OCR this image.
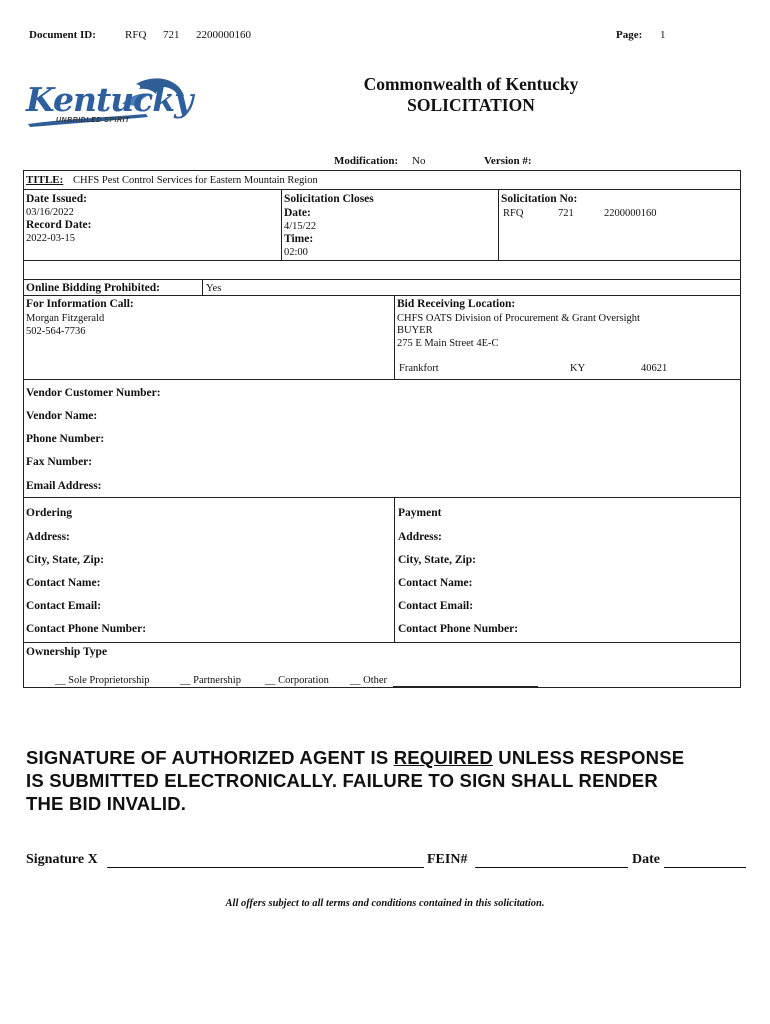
Document ID:	RFQ 721 2200000160	Page: 1
Kentucky
UNBRIDLED SPIRIT
Commonwealth of Kentucky
SOLICITATION
Modification: No	Version #:
TITLE: CHFS Pest Control Services for Eastern Mountain Region
Date Issued:
03/16/2022
Record Date:
2022-03-15
Solicitation Closes
Date:
4/15/22
Time:
02:00
Solicitation No:
RFQ	721	2200000160
Online Bidding Prohibited:	Yes
For Information Call:
Morgan Fitzgerald
502-564-7736
Bid Receiving Location:
CHFS OATS Division of Procurement & Grant Oversight
BUYER
275 E Main Street 4E-C
Frankfort	KY	40621
Vendor Customer Number:
Vendor Name:
Phone Number:
Fax Number:
Email Address:
Ordering
Address:
City, State, Zip:
Contact Name:
Contact Email:
Contact Phone Number:
Payment
Address:
City, State, Zip:
Contact Name:
Contact Email:
Contact Phone Number:
Ownership Type
__ Sole Proprietorship	__ Partnership __ Corporation __ Other
SIGNATURE OF AUTHORIZED AGENT IS REQUIRED UNLESS RESPONSE
IS SUBMITTED ELECTRONICALLY. FAILURE TO SIGN SHALL RENDER
THE BID INVALID.
Signature X	FEIN#	Date
All offers subject to all terms and conditions contained in this solicitation.
